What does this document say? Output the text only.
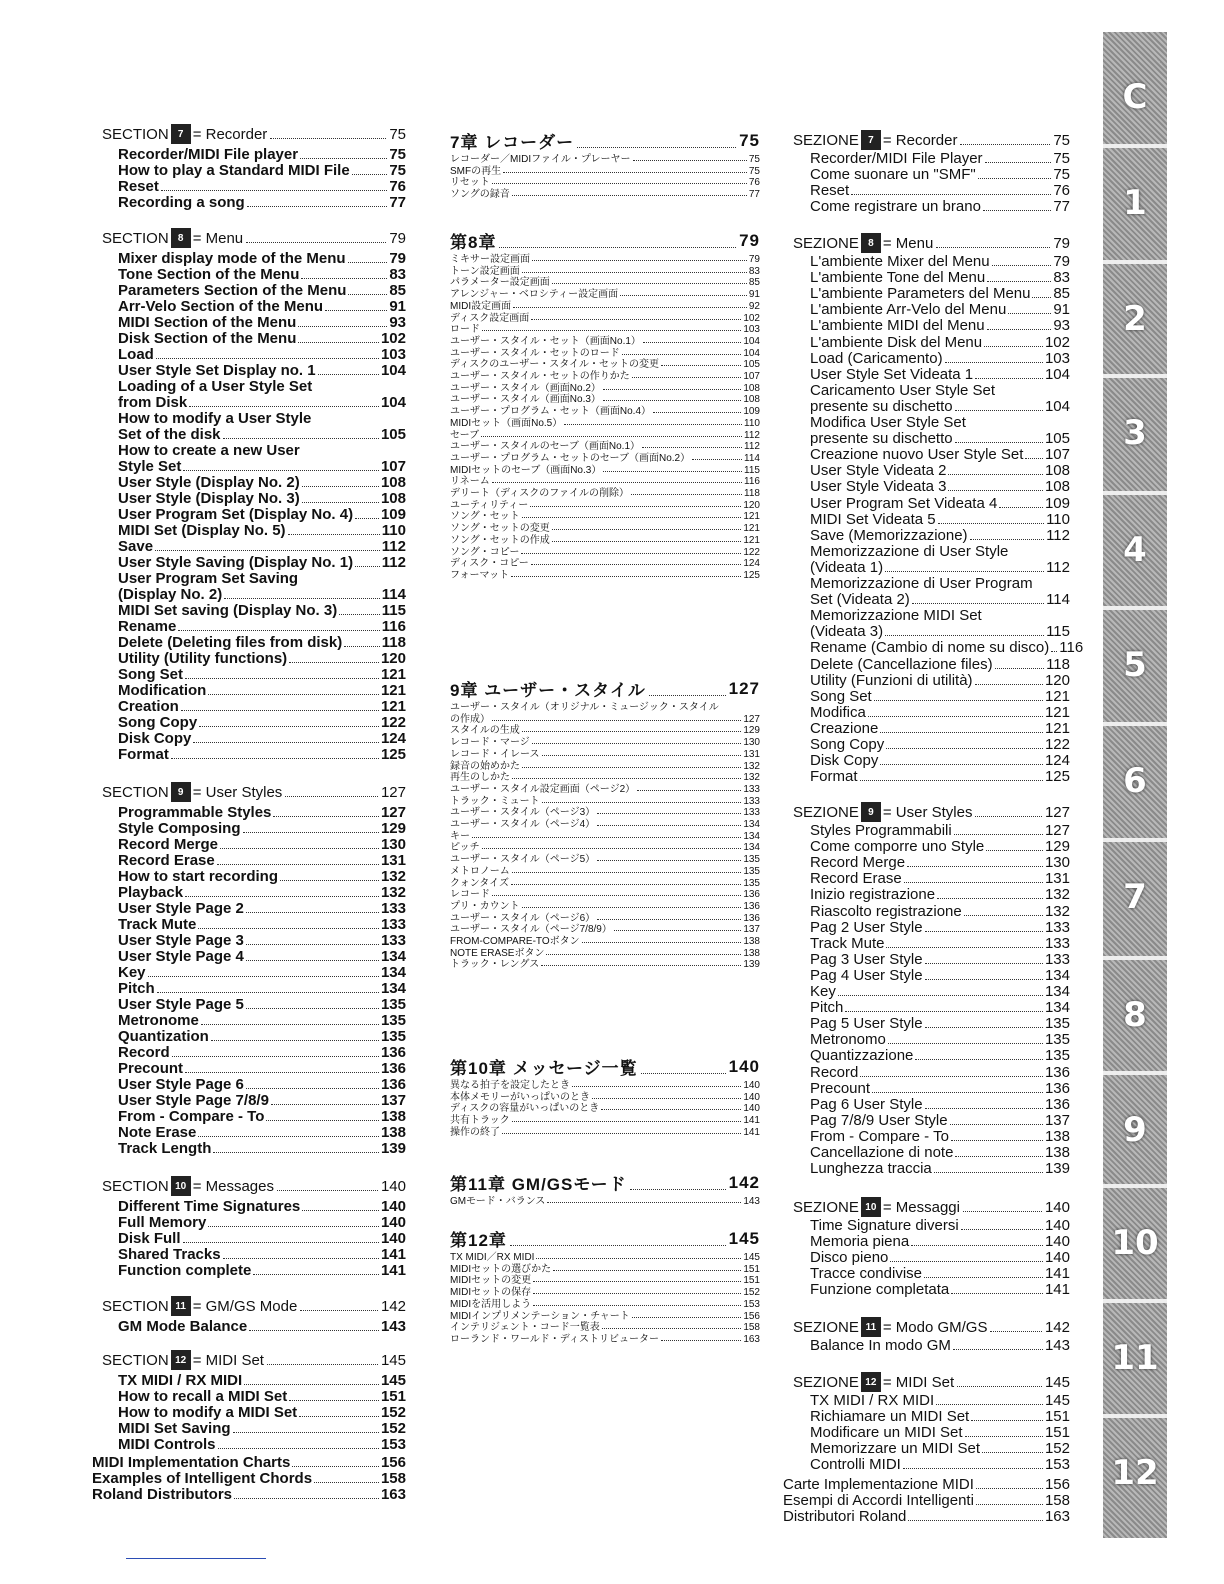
SECTION 7 = Recorder	75
Recorder/MIDI File player	75
How to play a Standard MIDI File	75
Reset	76
Recording a song	77
SECTION 8 = Menu	79
Mixer display mode of the Menu	79
Tone Section of the Menu	83
Parameters Section of the Menu	85
Arr-Velo Section of the Menu	91
MIDI Section of the Menu	93
Disk Section of the Menu	102
Load	103
User Style Set Display no. 1	104
Loading of a User Style Set
from Disk	104
How to modify a User Style
Set of the disk	105
How to create a new User
Style Set	107
User Style (Display No. 2)	108
User Style (Display No. 3)	108
User Program Set (Display No. 4) 109
MIDI Set (Display No. 5)	110
Save	112
User Style Saving (Display No. 1) 112
User Program Set Saving
(Display No. 2)	114
MIDI Set saving (Display No. 3)	115
Rename	116
Delete (Deleting files from disk)	118
Utility (Utility functions)	120
Song Set	121
Modification	121
Creation	121
Song Copy	122
Disk Copy	124
Format	125
SECTION 9 = User Styles	127
Programmable Styles	127
Style Composing	129
Record Merge	130
Record Erase	131
How to start recording	132
Playback	132
User Style Page 2	133
Track Mute	133
User Style Page 3	133
User Style Page 4	134
Key	134
Pitch	134
User Style Page 5	135
Metronome	135
Quantization	135
Record	136
Precount	136
User Style Page 6	136
User Style Page 7/8/9	137
From - Compare - To	138
Note Erase	138
Track Length	139
SECTION 10 = Messages	140
Different Time Signatures	140
Full Memory	140
Disk Full	140
Shared Tracks	141
Function complete	141
SECTION 11 = GM/GS Mode	142
GM Mode Balance	143
SECTION 12 = MIDI Set	145
TX MIDI / RX MIDI	145
How to recall a MIDI Set	151
How to modify a MIDI Set	152
MIDI Set Saving	152
MIDI Controls	153
MIDI Implementation Charts	156
Examples of Intelligent Chords	158
Roland Distributors	163
7章 レコーダー	75
レコーダー／MIDIファイル・プレーヤー	75
SMFの再生	75
リセット	76
ソングの録音	77
第8章	79
ミキサー設定画面	79
トーン設定画面	83
パラメーター設定画面	85
アレンジャー・ベロシティー設定画面	91
MIDI設定画面	92
ディスク設定画面	102
ロード	103
ユーザー・スタイル・セット（画面No.1）	104
ユーザー・スタイル・セットのロード	104
ディスクのユーザー・スタイル・セットの変更	105
ユーザー・スタイル・セットの作りかた	107
ユーザー・スタイル（画面No.2）	108
ユーザー・スタイル（画面No.3）	108
ユーザー・プログラム・セット（画面No.4）	109
MIDIセット（画面No.5）	110
セーブ	112
ユーザー・スタイルのセーブ（画面No.1）	112
ユーザー・プログラム・セットのセーブ（画面No.2）	114
MIDIセットのセーブ（画面No.3）	115
リネーム	116
デリート（ディスクのファイルの削除）	118
ユーティリティー	120
ソング・セット	121
ソング・セットの変更	121
ソング・セットの作成	121
ソング・コピー	122
ディスク・コピー	124
フォーマット	125
9章 ユーザー・スタイル	127
ユーザー・スタイル（オリジナル・ミュージック・スタイル
の作成）	127
スタイルの生成	129
レコード・マージ	130
レコード・イレース	131
録音の始めかた	132
再生のしかた	132
ユーザー・スタイル設定画面（ページ2）	133
トラック・ミュート	133
ユーザー・スタイル（ページ3）	133
ユーザー・スタイル（ページ4）	134
キー	134
ピッチ	134
ユーザー・スタイル（ページ5）	135
メトロノーム	135
クォンタイズ	135
レコード	136
プリ・カウント	136
ユーザー・スタイル（ページ6）	136
ユーザー・スタイル（ページ7/8/9）	137
FROM-COMPARE-TOボタン	138
NOTE ERASEボタン	138
トラック・レングス	139
第10章 メッセージ一覧	140
異なる拍子を設定したとき	140
本体メモリーがいっぱいのとき	140
ディスクの容量がいっぱいのとき	140
共有トラック	141
操作の終了	141
第11章 GM/GSモード	142
GMモード・バランス	143
第12章	145
TX MIDI／RX MIDI	145
MIDIセットの選びかた	151
MIDIセットの変更	151
MIDIセットの保存	152
MIDIを活用しよう	153
MIDIインプリメンテーション・チャート	156
インテリジェント・コード一覧表	158
ローランド・ワールド・ディストリビューター	163
SEZIONE 7 = Recorder	75
Recorder/MIDI File Player	75
Come suonare un "SMF"	75
Reset	76
Come registrare un brano	77
SEZIONE 8 = Menu	79
L'ambiente Mixer del Menu	79
L'ambiente Tone del Menu	83
L'ambiente Parameters del Menu 85
L'ambiente Arr-Velo del Menu	91
L'ambiente MIDI del Menu	93
L'ambiente Disk del Menu	102
Load (Caricamento)	103
User Style Set Videata 1	104
Caricamento User Style Set
presente su dischetto	104
Modifica User Style Set
presente su dischetto	105
Creazione nuovo User Style Set 107
User Style Videata 2	108
User Style Videata 3	108
User Program Set Videata 4	109
MIDI Set Videata 5	110
Save (Memorizzazione)	112
Memorizzazione di User Style
(Videata 1)	112
Memorizzazione di User Program
Set (Videata 2)	114
Memorizzazione MIDI Set
(Videata 3)	115
Rename (Cambio di nome su disco) 116
Delete (Cancellazione files)	118
Utility (Funzioni di utilità)	120
Song Set	121
Modifica	121
Creazione	121
Song Copy	122
Disk Copy	124
Format	125
SEZIONE 9 = User Styles	127
Styles Programmabili	127
Come comporre uno Style	129
Record Merge	130
Record Erase	131
Inizio registrazione	132
Riascolto registrazione	132
Pag 2 User Style	133
Track Mute	133
Pag 3 User Style	133
Pag 4 User Style	134
Key	134
Pitch	134
Pag 5 User Style	135
Metronomo	135
Quantizzazione	135
Record	136
Precount	136
Pag 6 User Style	136
Pag 7/8/9 User Style	137
From - Compare - To	138
Cancellazione di note	138
Lunghezza traccia	139
SEZIONE 10 = Messaggi	140
Time Signature diversi	140
Memoria piena	140
Disco pieno	140
Tracce condivise	141
Funzione completata	141
SEZIONE 11 = Modo GM/GS	142
Balance In modo GM	143
SEZIONE 12 = MIDI Set	145
TX MIDI / RX MIDI	145
Richiamare un MIDI Set	151
Modificare un MIDI Set	151
Memorizzare un MIDI Set	152
Controlli MIDI	153
Carte Implementazione MIDI	156
Esempi di Accordi Intelligenti	158
Distributori Roland	163
C
1
2
3
4
5
6
7
8
9
10
11
12
